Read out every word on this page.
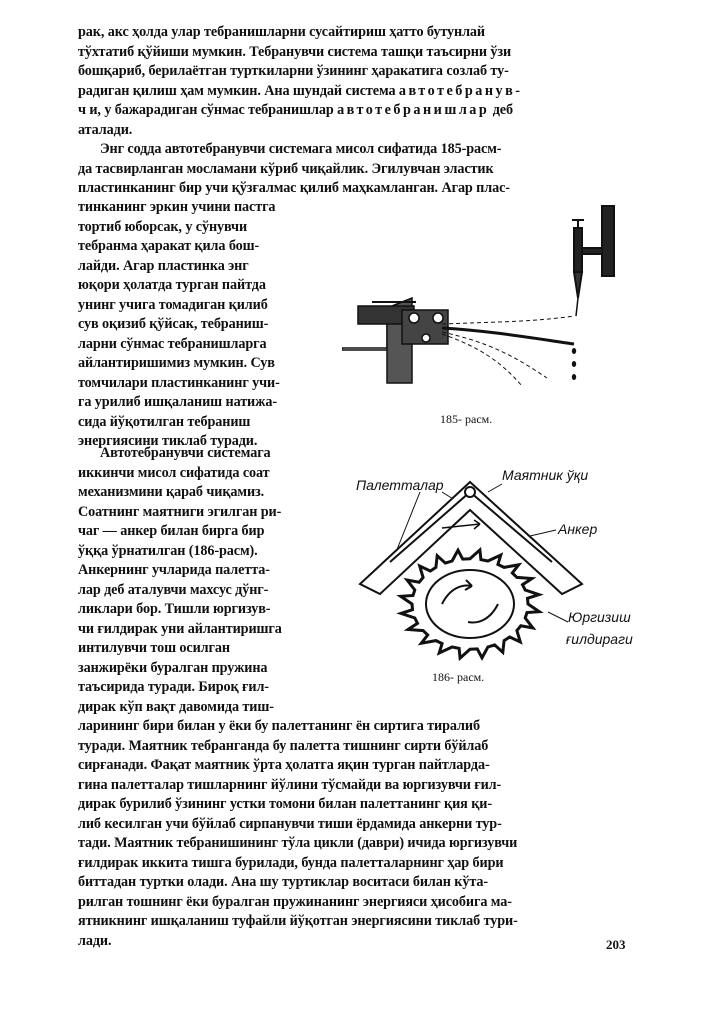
рак, акс ҳолда улар тебранишларни сусайтириш ҳатто бутунлай
тўхтатиб қўйиши мумкин. Тебранувчи система ташқи таъсирни ўзи
бошқариб, берилаётган турткиларни ўзининг ҳаракатига созлаб ту-
радиган қилиш ҳам мумкин. Ана шундай система автотебранув-
ч и, у бажарадиган сўнмас тебранишлар автотебранишлар деб
аталади.
Энг содда автотебранувчи системага мисол сифатида 185-расм-
да тасвирланган мосламани кўриб чиқайлик. Эгилувчан эластик
пластинканинг бир учи қўзғалмас қилиб маҳкамланган. Агар плас-
тинканинг эркин учини пастга
тортиб юборсак, у сўнувчи
тебранма ҳаракат қила бош-
лайди. Агар пластинка энг
юқори ҳолатда турган пайтда
унинг учига томадиган қилиб
сув оқизиб қўйсак, тебраниш-
ларни сўнмас тебранишларга
айлантиришимиз мумкин. Сув
томчилари пластинканинг учи-
га урилиб ишқаланиш натижа-
сида йўқотилган тебраниш
энергиясини тиклаб туради.
Автотебранувчи системага
иккинчи мисол сифатида соат
механизмини қараб чиқамиз.
Соатнинг маятниги эгилган ри-
чаг — анкер билан бирга бир
ўққа ўрнатилган (186-расм).
Анкернинг учларида палетта-
лар деб аталувчи махсус дўнг-
ликлари бор. Тишли юргизув-
чи ғилдирак уни айлантиришга
интилувчи тош осилган
занжирёки буралган пружина
таъсирида туради. Бироқ ғил-
дирак кўп вақт давомида тиш-
ларининг бири билан у ёки бу палеттанинг ён сиртига тиралиб
туради. Маятник тебранганда бу палетта тишнинг сирти бўйлаб
сирғанади. Фақат маятник ўрта ҳолатга яқин турган пайтларда-
гина палетталар тишларнинг йўлини тўсмайди ва юргизувчи ғил-
дирак бурилиб ўзининг устки томони билан палеттанинг қия қи-
либ кесилган учи бўйлаб сирпанувчи тиши ёрдамида анкерни тур-
тади. Маятник тебранишининг тўла цикли (даври) ичида юргизувчи
ғилдирак иккита тишга бурилади, бунда палетталарнинг ҳар бири
биттадан туртки олади. Ана шу туртиклар воситаси билан кўта-
рилган тошнинг ёки буралган пружинанинг энергияси ҳисобига ма-
ятникнинг ишқаланиш туфайли йўқотган энергиясини тиклаб тури-
лади.
185- расм.
Палетталар
Маятник ўқи
Анкер
Юргизиш
ғилдираги
186- расм.
203
